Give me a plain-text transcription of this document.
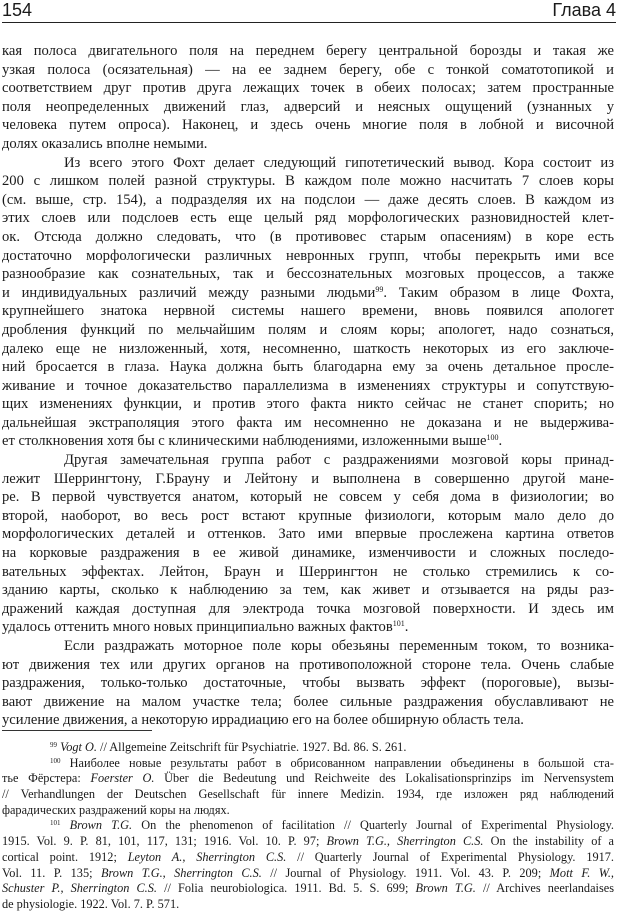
154	Глава 4
кая полоса двигательного поля на переднем берегу центральной борозды и такая же
узкая полоса (осязательная) — на ее заднем берегу, обе с тонкой соматотопикой и
соответствием друг против друга лежащих точек в обеих полосах; затем пространные
поля неопределенных движений глаз, адверсий и неясных ощущений (узнанных у
человека путем опроса). Наконец, и здесь очень многие поля в лобной и височной
долях оказались вполне немыми.
Из всего этого Фохт делает следующий гипотетический вывод. Кора состоит из
200 с лишком полей разной структуры. В каждом поле можно насчитать 7 слоев коры
(см. выше, стр. 154), а подразделяя их на подслои — даже десять слоев. В каждом из
этих слоев или подслоев есть еще целый ряд морфологических разновидностей клет-
ок. Отсюда должно следовать, что (в противовес старым опасениям) в коре есть
достаточно морфологически различных невронных групп, чтобы перекрыть ими все
разнообразие как сознательных, так и бессознательных мозговых процессов, а также
и индивидуальных различий между разными людьми$^{99}$. Таким образом в лице Фохта,
крупнейшего знатока нервной системы нашего времени, вновь появился апологет
дробления функций по мельчайшим полям и слоям коры; апологет, надо сознаться,
далеко еще не низложенный, хотя, несомненно, шаткость некоторых из его заключе-
ний бросается в глаза. Наука должна быть благодарна ему за очень детальное просле-
живание и точное доказательство параллелизма в изменениях структуры и сопутствую-
щих изменениях функции, и против этого факта никто сейчас не станет спорить; но
дальнейшая экстраполяция этого факта им несомненно не доказана и не выдержива-
ет столкновения хотя бы с клиническими наблюдениями, изложенными выше$^{100}$.
Другая замечательная группа работ с раздражениями мозговой коры принад-
лежит Шеррингтону, Г.Брауну и Лейтону и выполнена в совершенно другой мане-
ре. В первой чувствуется анатом, который не совсем у себя дома в физиологии; во
второй, наоборот, во весь рост встают крупные физиологи, которым мало дело до
морфологических деталей и оттенков. Зато ими впервые прослежена картина ответов
на корковые раздражения в ее живой динамике, изменчивости и сложных последо-
вательных эффектах. Лейтон, Браун и Шеррингтон не столько стремились к со-
зданию карты, сколько к наблюдению за тем, как живет и отзывается на ряды раз-
дражений каждая доступная для электрода точка мозговой поверхности. И здесь им
удалось оттенить много новых принципиально важных фактов$^{101}$.
Если раздражать моторное поле коры обезьяны переменным током, то возника-
ют движения тех или других органов на противоположной стороне тела. Очень слабые
раздражения, только-только достаточные, чтобы вызвать эффект (пороговые), вызы-
вают движение на малом участке тела; более сильные раздражения обуславливают не
усиление движения, а некоторую иррадиацию его на более обширную область тела.
$^{99}$ Vogt O. // Allgemeine Zeitschrift für Psychiatrie. 1927. Bd. 86. S. 261.
$^{100}$ Наиболее новые результаты работ в обрисованном направлении объединены в большой ста-
тье Фёрстера: Foerster O. Über die Bedeutung und Reichweite des Lokalisationsprinzips im Nervensystem
// Verhandlungen der Deutschen Gesellschaft für innere Medizin. 1934, где изложен ряд наблюдений
фарадических раздражений коры на людях.
$^{101}$ Brown T.G. On the phenomenon of facilitation // Quarterly Journal of Experimental Physiology.
1915. Vol. 9. P. 81, 101, 117, 131; 1916. Vol. 10. P. 97; Brown T.G., Sherrington C.S. On the instability of a
cortical point. 1912; Leyton A., Sherrington C.S. // Quarterly Journal of Experimental Physiology. 1917.
Vol. 11. P. 135; Brown T.G., Sherrington C.S. // Journal of Physiology. 1911. Vol. 43. P. 209; Mott F. W.,
Schuster P., Sherrington C.S. // Folia neurobiologica. 1911. Bd. 5. S. 699; Brown T.G. // Archives neerlandaises
de physiologie. 1922. Vol. 7. P. 571.
